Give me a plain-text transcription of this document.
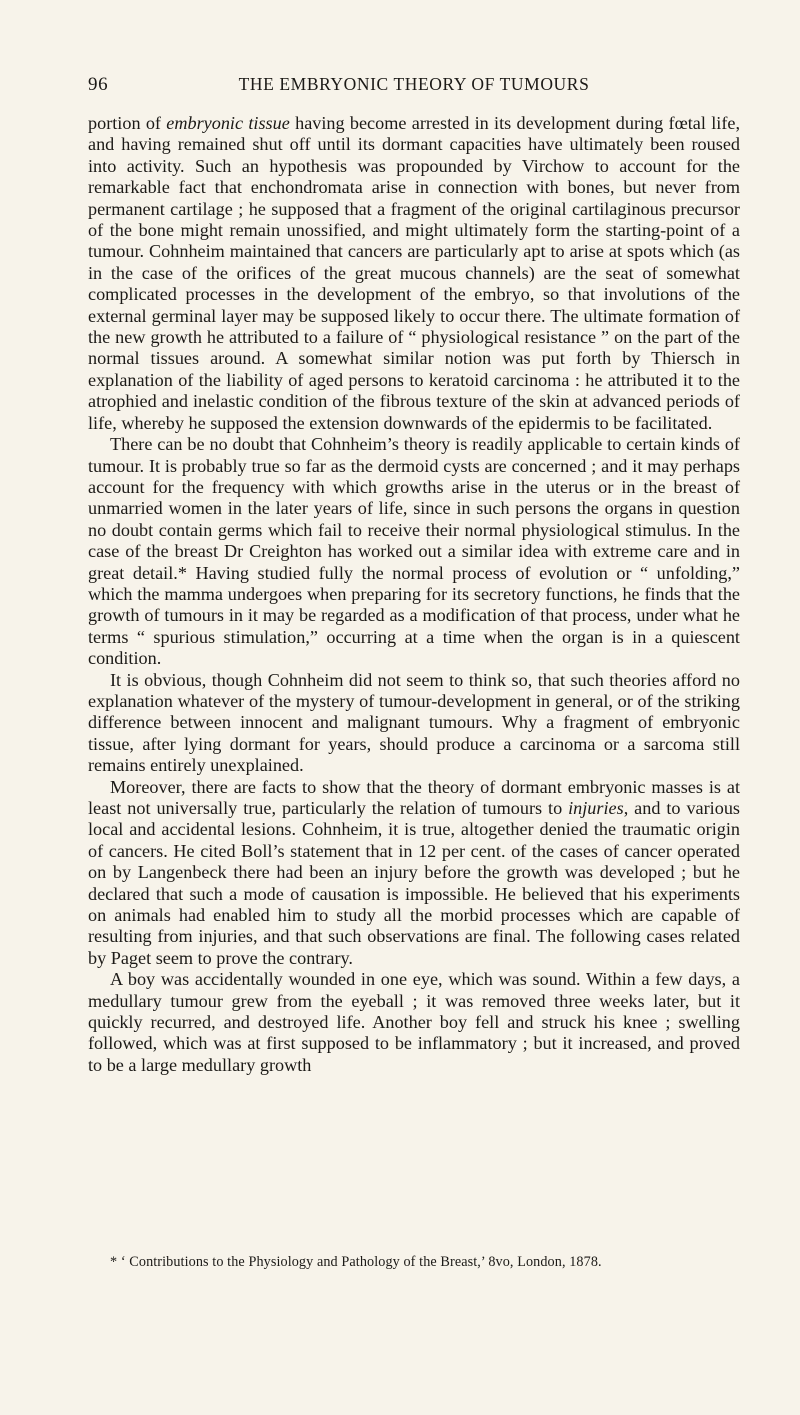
96	THE EMBRYONIC THEORY OF TUMOURS

portion of embryonic tissue having become arrested in its development during fœtal life, and having remained shut off until its dormant capacities have ultimately been roused into activity. Such an hypothesis was propounded by Virchow to account for the remarkable fact that enchondromata arise in connection with bones, but never from permanent cartilage ; he supposed that a fragment of the original cartilaginous precursor of the bone might remain unossified, and might ultimately form the starting-point of a tumour. Cohnheim maintained that cancers are particularly apt to arise at spots which (as in the case of the orifices of the great mucous channels) are the seat of somewhat complicated processes in the development of the embryo, so that involutions of the external germinal layer may be supposed likely to occur there. The ultimate formation of the new growth he attributed to a failure of “ physiological resistance ” on the part of the normal tissues around. A somewhat similar notion was put forth by Thiersch in explanation of the liability of aged persons to keratoid carcinoma : he attributed it to the atrophied and inelastic condition of the fibrous texture of the skin at advanced periods of life, whereby he supposed the extension downwards of the epidermis to be facilitated.

There can be no doubt that Cohnheim’s theory is readily applicable to certain kinds of tumour. It is probably true so far as the dermoid cysts are concerned ; and it may perhaps account for the frequency with which growths arise in the uterus or in the breast of unmarried women in the later years of life, since in such persons the organs in question no doubt contain germs which fail to receive their normal physiological stimulus. In the case of the breast Dr Creighton has worked out a similar idea with extreme care and in great detail.* Having studied fully the normal process of evolution or “ unfolding,” which the mamma undergoes when preparing for its secretory functions, he finds that the growth of tumours in it may be regarded as a modification of that process, under what he terms “ spurious stimulation,” occurring at a time when the organ is in a quiescent condition.

It is obvious, though Cohnheim did not seem to think so, that such theories afford no explanation whatever of the mystery of tumour-development in general, or of the striking difference between innocent and malignant tumours. Why a fragment of embryonic tissue, after lying dormant for years, should produce a carcinoma or a sarcoma still remains entirely unexplained.

Moreover, there are facts to show that the theory of dormant embryonic masses is at least not universally true, particularly the relation of tumours to injuries, and to various local and accidental lesions. Cohnheim, it is true, altogether denied the traumatic origin of cancers. He cited Boll’s statement that in 12 per cent. of the cases of cancer operated on by Langenbeck there had been an injury before the growth was developed ; but he declared that such a mode of causation is impossible. He believed that his experiments on animals had enabled him to study all the morbid processes which are capable of resulting from injuries, and that such observations are final. The following cases related by Paget seem to prove the contrary.

A boy was accidentally wounded in one eye, which was sound. Within a few days, a medullary tumour grew from the eyeball ; it was removed three weeks later, but it quickly recurred, and destroyed life. Another boy fell and struck his knee ; swelling followed, which was at first supposed to be inflammatory ; but it increased, and proved to be a large medullary growth

* ‘ Contributions to the Physiology and Pathology of the Breast,’ 8vo, London, 1878.
